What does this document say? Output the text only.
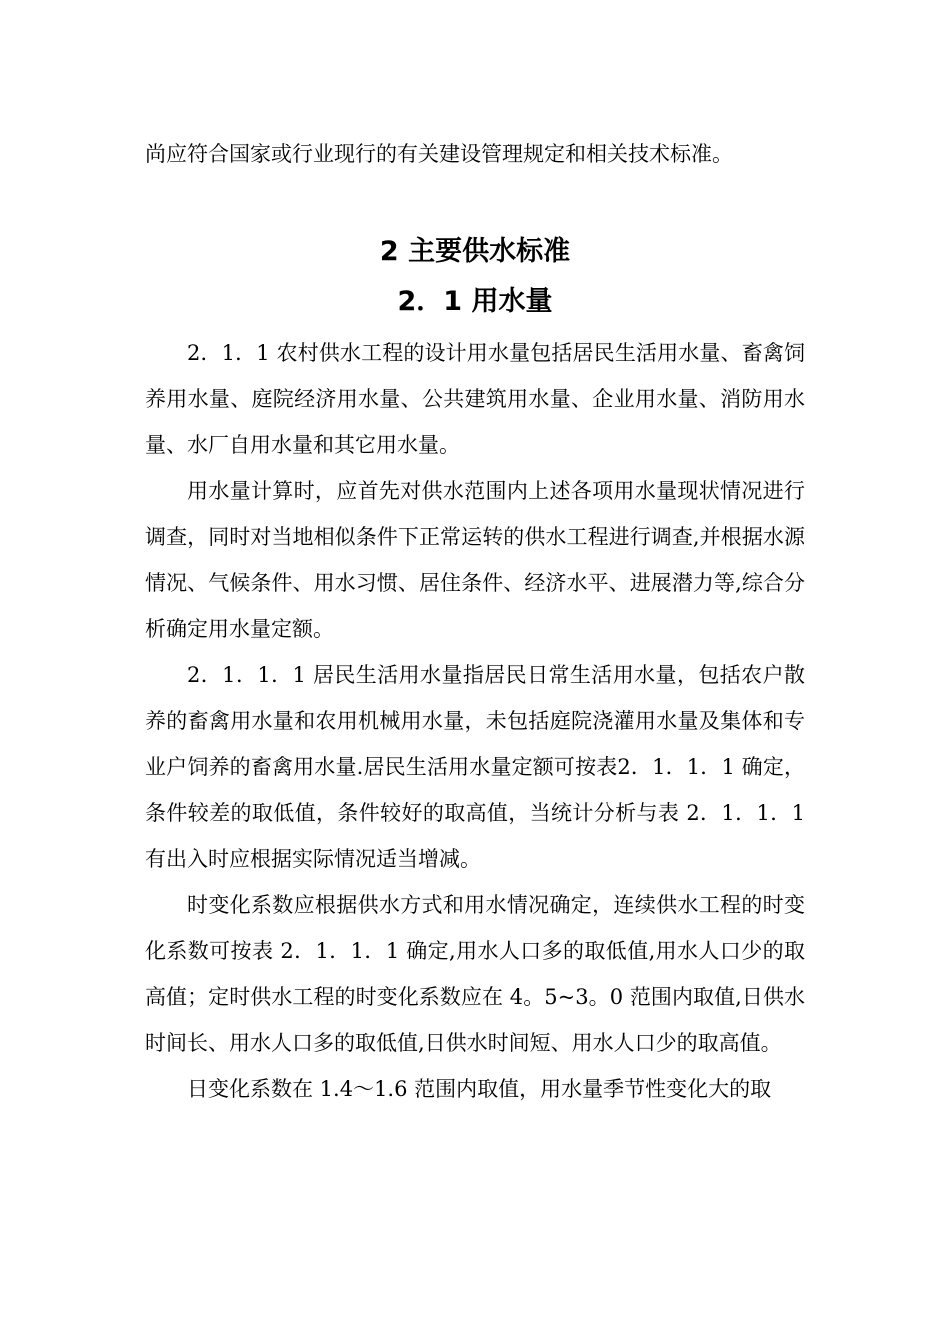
尚应符合国家或行业现行的有关建设管理规定和相关技术标准。

2 主要供水标准
2．1 用水量

2．1．1 农村供水工程的设计用水量包括居民生活用水量、畜禽饲养用水量、庭院经济用水量、公共建筑用水量、企业用水量、消防用水量、水厂自用水量和其它用水量。

用水量计算时，应首先对供水范围内上述各项用水量现状情况进行调查，同时对当地相似条件下正常运转的供水工程进行调查,并根据水源情况、气候条件、用水习惯、居住条件、经济水平、进展潜力等,综合分析确定用水量定额。

2．1．1．1 居民生活用水量指居民日常生活用水量，包括农户散养的畜禽用水量和农用机械用水量，未包括庭院浇灌用水量及集体和专业户饲养的畜禽用水量.居民生活用水量定额可按表2．1．1．1 确定，条件较差的取低值，条件较好的取高值，当统计分析与表 2．1．1．1 有出入时应根据实际情况适当增减。

时变化系数应根据供水方式和用水情况确定，连续供水工程的时变化系数可按表 2．1．1．1 确定,用水人口多的取低值,用水人口少的取高值；定时供水工程的时变化系数应在 4。5~3。0 范围内取值,日供水时间长、用水人口多的取低值,日供水时间短、用水人口少的取高值。

日变化系数在 1.4～1.6 范围内取值，用水量季节性变化大的取
